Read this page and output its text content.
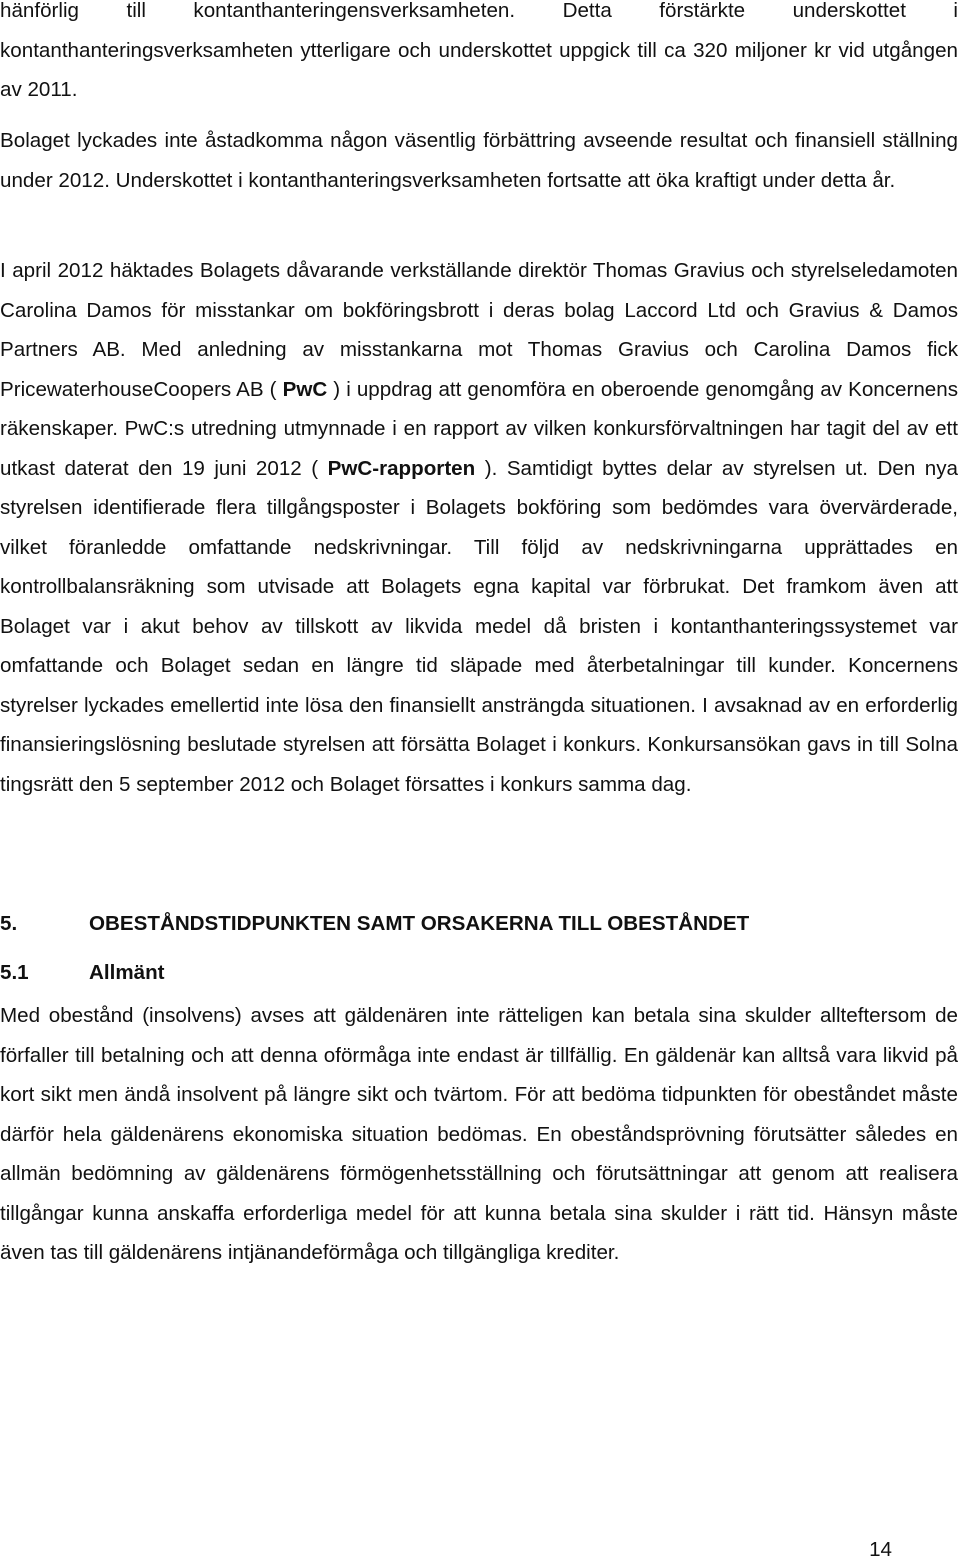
hänförlig till kontanthanteringensverksamheten. Detta förstärkte underskottet i kontanthanteringsverksamheten ytterligare och underskottet uppgick till ca 320 miljoner kr vid utgången av 2011.

Bolaget lyckades inte åstadkomma någon väsentlig förbättring avseende resultat och finansiell ställning under 2012. Underskottet i kontanthanteringsverksamheten fortsatte att öka kraftigt under detta år.

I april 2012 häktades Bolagets dåvarande verkställande direktör Thomas Gravius och styrelseledamoten Carolina Damos för misstankar om bokföringsbrott i deras bolag Laccord Ltd och Gravius & Damos Partners AB. Med anledning av misstankarna mot Thomas Gravius och Carolina Damos fick PricewaterhouseCoopers AB ( PwC ) i uppdrag att genomföra en oberoende genomgång av Koncernens räkenskaper. PwC:s utredning utmynnade i en rapport av vilken konkursförvaltningen har tagit del av ett utkast daterat den 19 juni 2012 ( PwC-rapporten ). Samtidigt byttes delar av styrelsen ut. Den nya styrelsen identifierade flera tillgångsposter i Bolagets bokföring som bedömdes vara övervärderade, vilket föranledde omfattande nedskrivningar. Till följd av nedskrivningarna upprättades en kontrollbalansräkning som utvisade att Bolagets egna kapital var förbrukat. Det framkom även att Bolaget var i akut behov av tillskott av likvida medel då bristen i kontanthanteringssystemet var omfattande och Bolaget sedan en längre tid släpade med återbetalningar till kunder. Koncernens styrelser lyckades emellertid inte lösa den finansiellt ansträngda situationen. I avsaknad av en erforderlig finansieringslösning beslutade styrelsen att försätta Bolaget i konkurs. Konkursansökan gavs in till Solna tingsrätt den 5 september 2012 och Bolaget försattes i konkurs samma dag.

5.	OBESTÅNDSTIDPUNKTEN SAMT ORSAKERNA TILL OBESTÅNDET
5.1	Allmänt

Med obestånd (insolvens) avses att gäldenären inte rätteligen kan betala sina skulder allteftersom de förfaller till betalning och att denna oförmåga inte endast är tillfällig. En gäldenär kan alltså vara likvid på kort sikt men ändå insolvent på längre sikt och tvärtom. För att bedöma tidpunkten för obeståndet måste därför hela gäldenärens ekonomiska situation bedömas. En obeståndsprövning förutsätter således en allmän bedömning av gäldenärens förmögenhetsställning och förutsättningar att genom att realisera tillgångar kunna anskaffa erforderliga medel för att kunna betala sina skulder i rätt tid. Hänsyn måste även tas till gäldenärens intjänandeförmåga och tillgängliga krediter.

14
